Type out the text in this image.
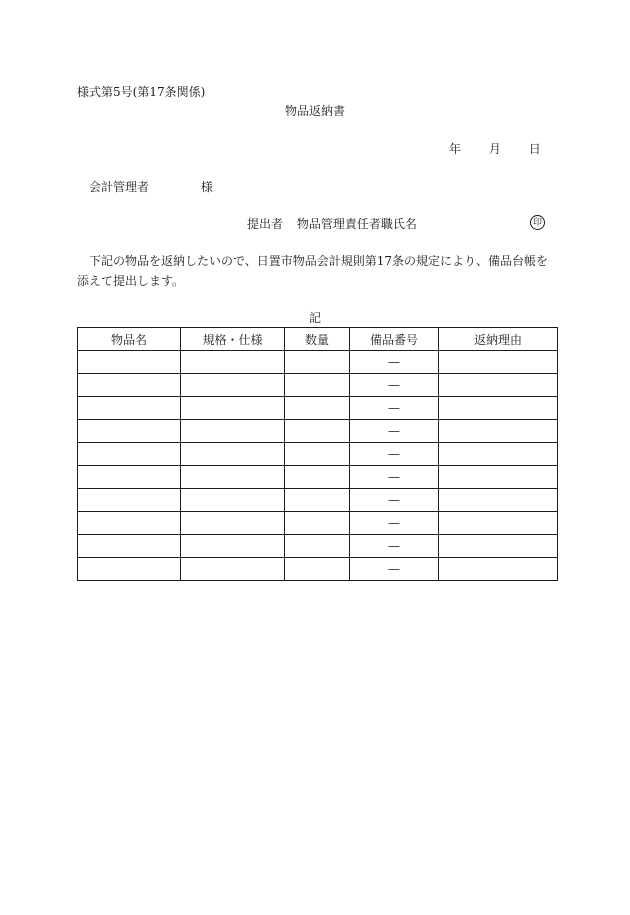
様式第5号(第17条関係)
物品返納書
年 月 日
会計管理者	様
提出者 物品管理責任者職氏名	印
下記の物品を返納したいので、日置市物品会計規則第17条の規定により、備品台帳を添えて提出します。
記
物品名	規格・仕様	数量	備品番号	返納理由
			—	
			—	
			—	
			—	
			—	
			—	
			—	
			—	
			—	
			—	
